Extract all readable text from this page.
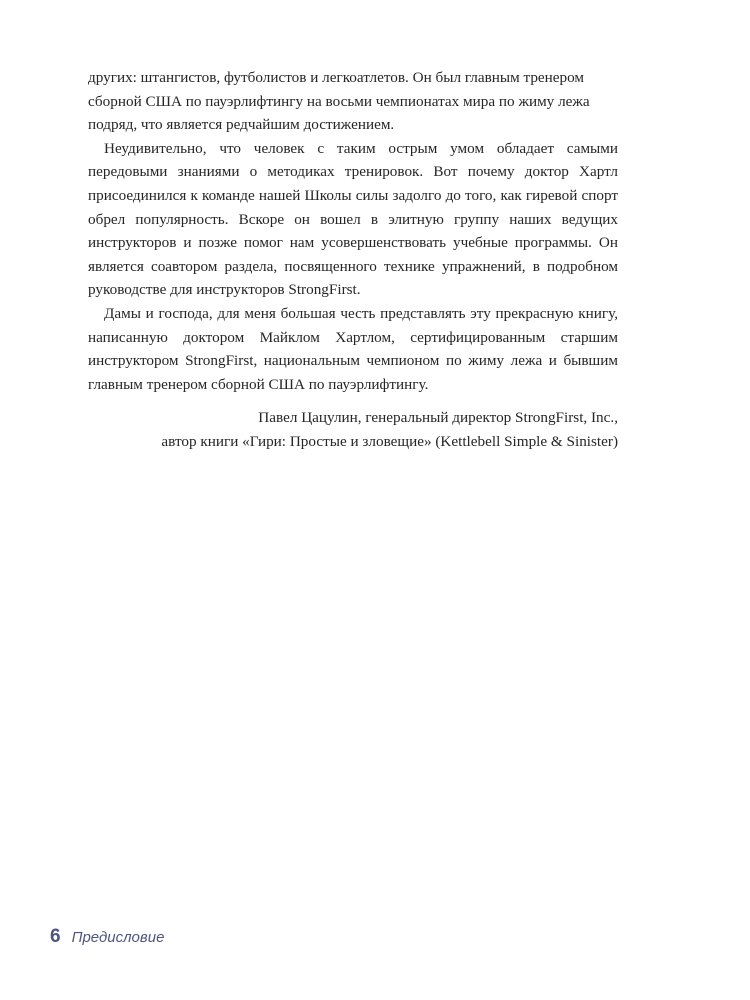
других: штангистов, футболистов и легкоатлетов. Он был главным тренером

сборной США по пауэрлифтингу на восьми чемпионатах мира по жиму лежа

подряд, что является редчайшим достижением.

Неудивительно, что человек с таким острым умом обладает самыми передовыми знаниями о методиках тренировок. Вот почему доктор Хартл присоединился к команде нашей Школы силы задолго до того, как гиревой спорт обрел популярность. Вскоре он вошел в элитную группу наших ведущих инструкторов и позже помог нам усовершенствовать учебные программы. Он является соавтором раздела, посвященного технике упражнений, в подробном руководстве для инструкторов StrongFirst.

Дамы и господа, для меня большая честь представлять эту прекрасную книгу, написанную доктором Майклом Хартлом, сертифицированным старшим инструктором StrongFirst, национальным чемпионом по жиму лежа и бывшим главным тренером сборной США по пауэрлифтингу.

Павел Цацулин, генеральный директор StrongFirst, Inc.,
автор книги «Гири: Простые и зловещие» (Kettlebell Simple & Sinister)
6 Предисловие
